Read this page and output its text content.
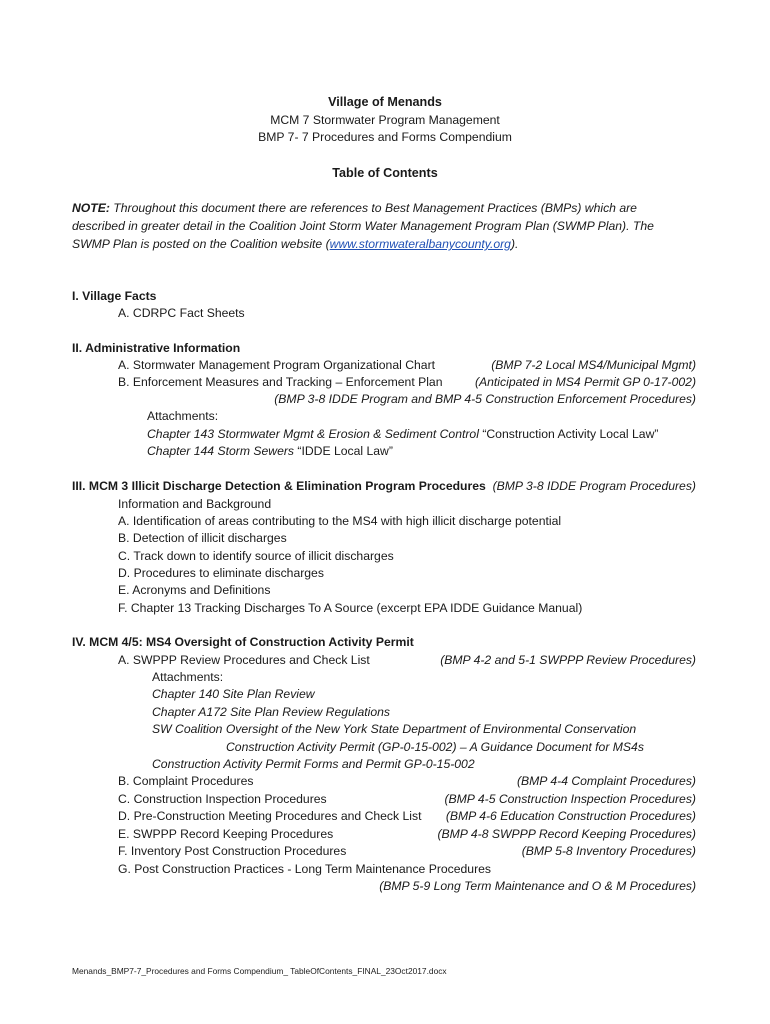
Village of Menands
MCM 7 Stormwater Program Management
BMP 7- 7 Procedures and Forms Compendium
Table of Contents
NOTE: Throughout this document there are references to Best Management Practices (BMPs) which are
described in greater detail in the Coalition Joint Storm Water Management Program Plan (SWMP Plan). The
SWMP Plan is posted on the Coalition website (www.stormwateralbanycounty.org).
I. Village Facts
A. CDRPC Fact Sheets
II. Administrative Information
A. Stormwater Management Program Organizational Chart	(BMP 7-2 Local MS4/Municipal Mgmt)
B. Enforcement Measures and Tracking – Enforcement Plan	(Anticipated in MS4 Permit GP 0-17-002)
(BMP 3-8 IDDE Program and BMP 4-5 Construction Enforcement Procedures)
Attachments:
Chapter 143 Stormwater Mgmt & Erosion & Sediment Control “Construction Activity Local Law”
Chapter 144 Storm Sewers “IDDE Local Law”
III. MCM 3 Illicit Discharge Detection & Elimination Program Procedures (BMP 3-8 IDDE Program Procedures)
Information and Background
A. Identification of areas contributing to the MS4 with high illicit discharge potential
B. Detection of illicit discharges
C. Track down to identify source of illicit discharges
D. Procedures to eliminate discharges
E. Acronyms and Definitions
F. Chapter 13 Tracking Discharges To A Source (excerpt EPA IDDE Guidance Manual)
IV. MCM 4/5: MS4 Oversight of Construction Activity Permit
A. SWPPP Review Procedures and Check List	(BMP 4-2 and 5-1 SWPPP Review Procedures)
Attachments:
Chapter 140 Site Plan Review
Chapter A172 Site Plan Review Regulations
SW Coalition Oversight of the New York State Department of Environmental Conservation
Construction Activity Permit (GP-0-15-002) – A Guidance Document for MS4s
Construction Activity Permit Forms and Permit GP-0-15-002
B. Complaint Procedures	(BMP 4-4 Complaint Procedures)
C. Construction Inspection Procedures	(BMP 4-5 Construction Inspection Procedures)
D. Pre-Construction Meeting Procedures and Check List (BMP 4-6 Education Construction Procedures)
E. SWPPP Record Keeping Procedures	(BMP 4-8 SWPPP Record Keeping Procedures)
F. Inventory Post Construction Procedures	(BMP 5-8 Inventory Procedures)
G. Post Construction Practices - Long Term Maintenance Procedures
(BMP 5-9 Long Term Maintenance and O & M Procedures)
Menands_BMP7-7_Procedures and Forms Compendium_ TableOfContents_FINAL_23Oct2017.docx
